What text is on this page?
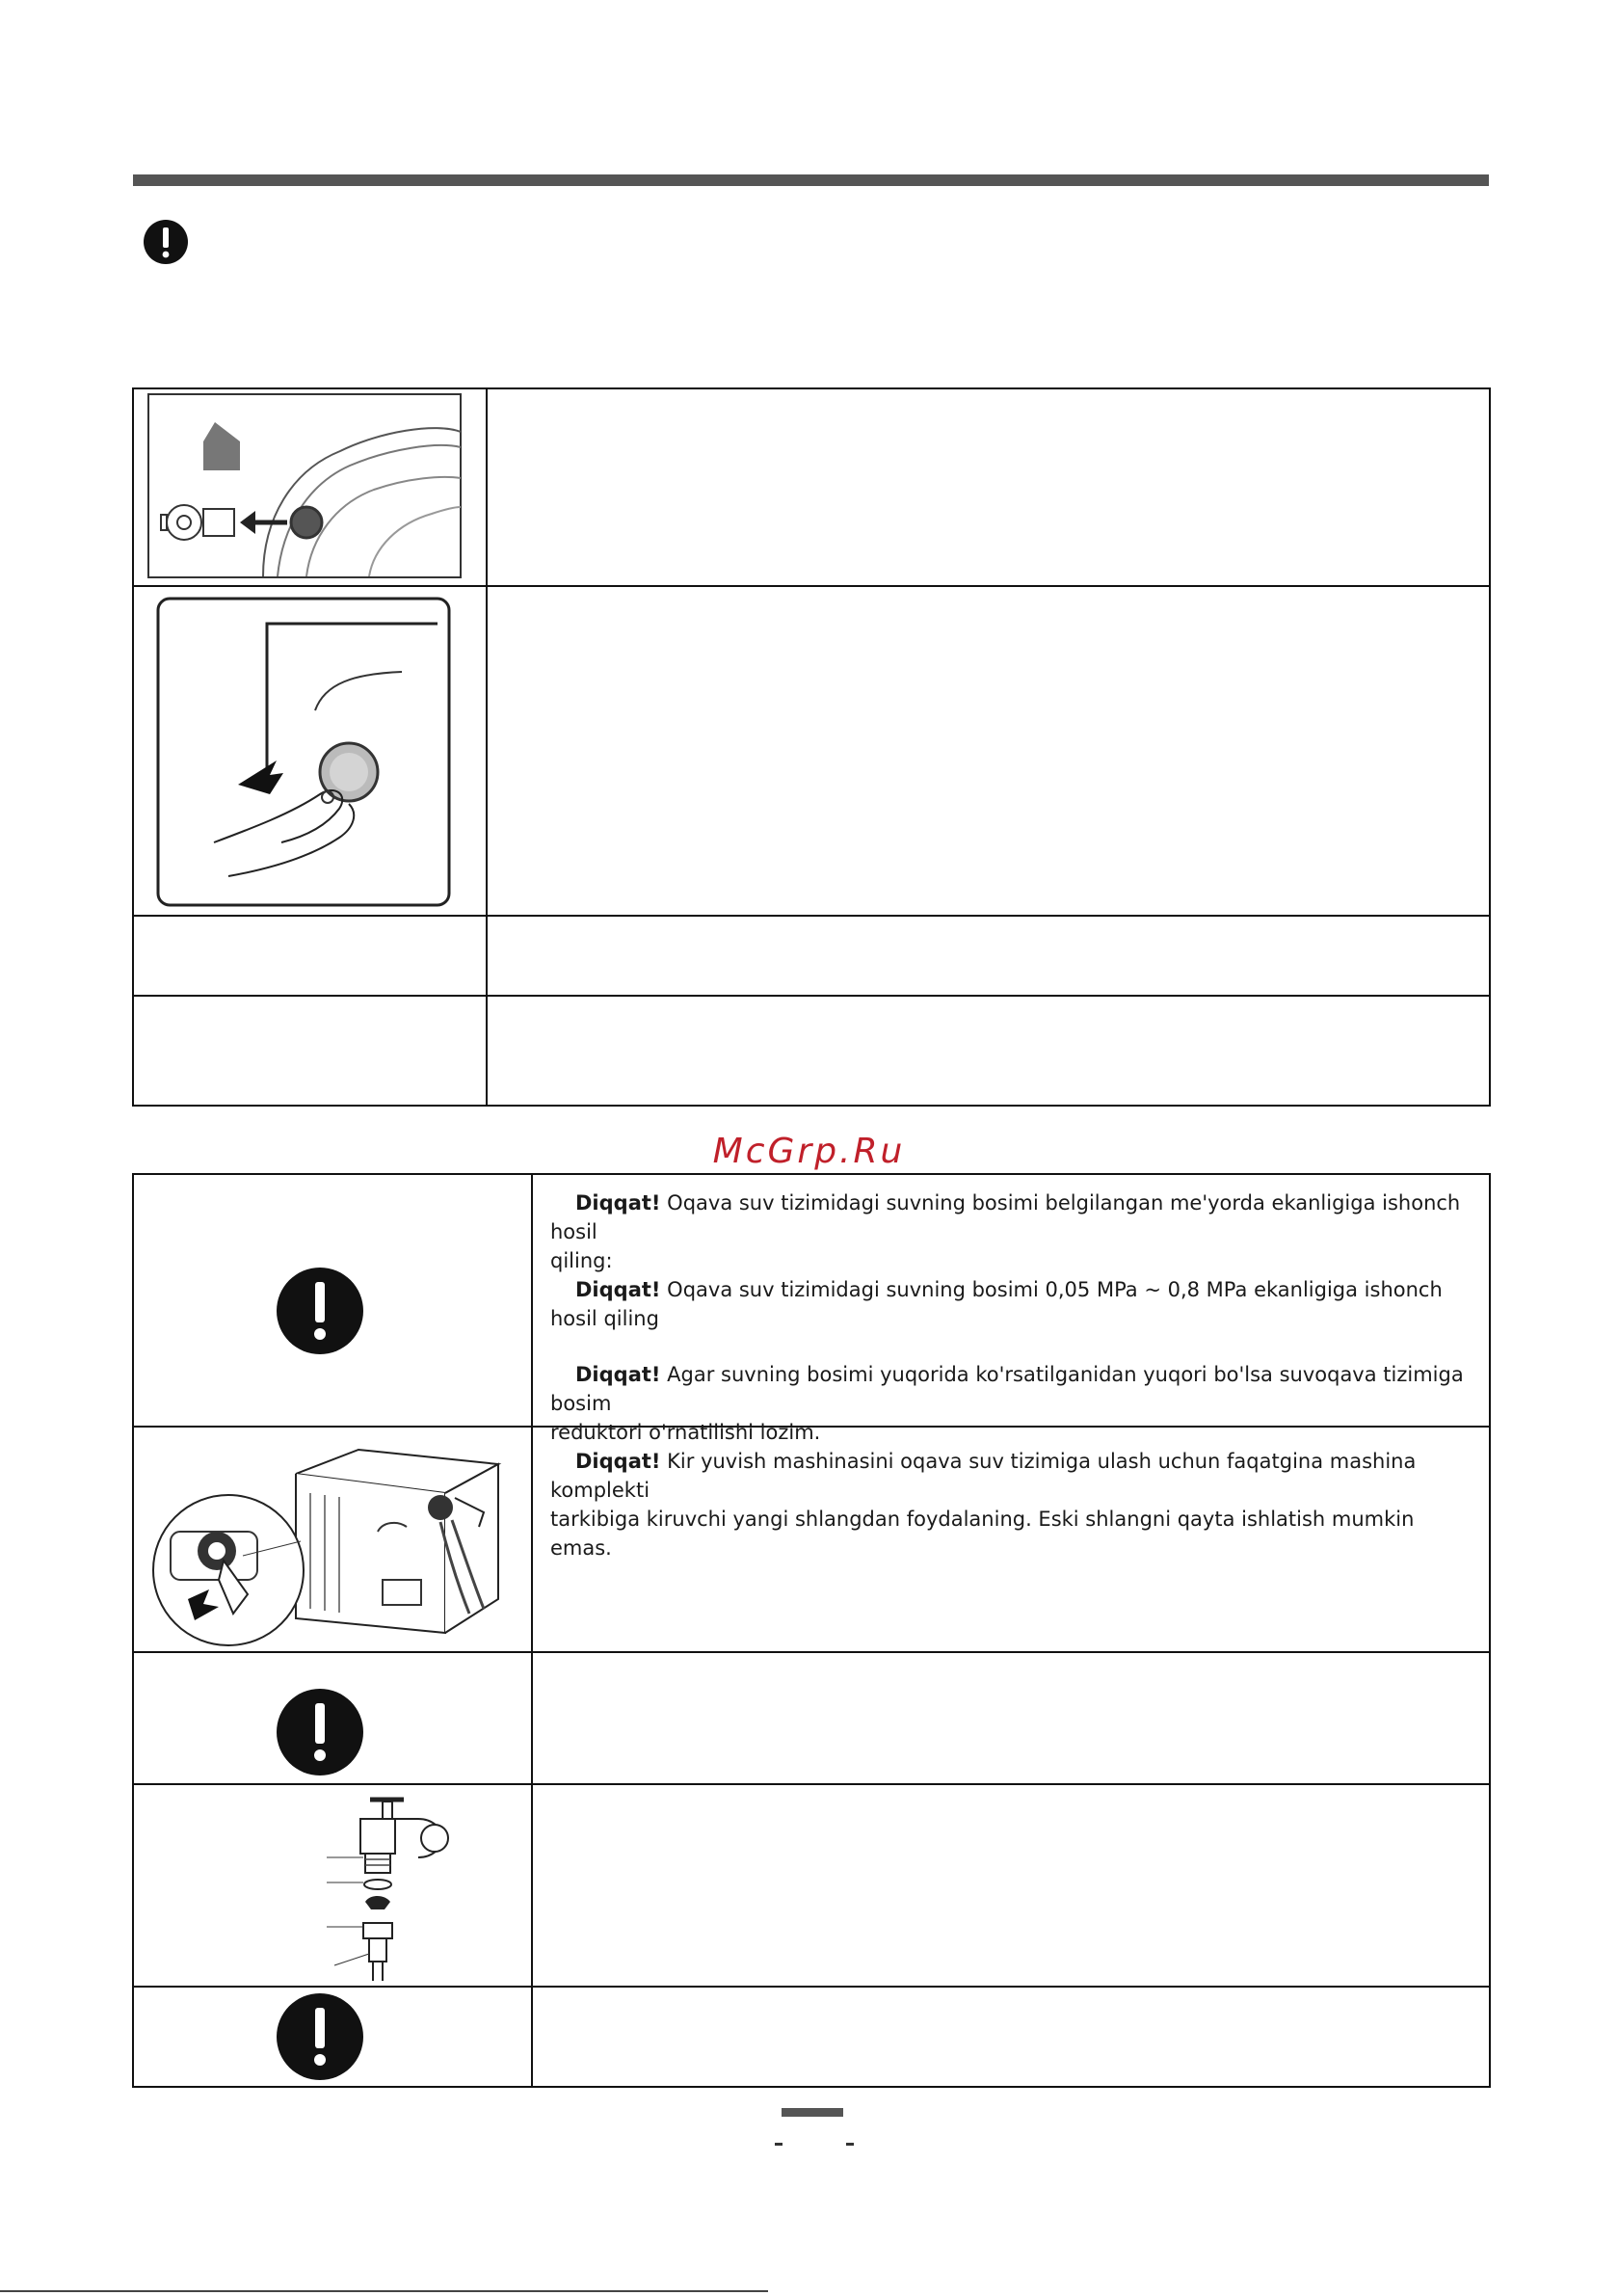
McGrp.Ru

Diqqat! Oqava suv tizimidagi suvning bosimi belgilangan me'yorda ekanligiga ishonch hosil

qiling:

Diqqat! Oqava suv tizimidagi suvning bosimi 0,05 MPa ~ 0,8 MPa ekanligiga ishonch hosil qiling

Diqqat! Agar suvning bosimi yuqorida ko'rsatilganidan yuqori bo'lsa suvoqava tizimiga bosim

reduktori o'rnatilishi lozim.

Diqqat! Kir yuvish mashinasini oqava suv tizimiga ulash uchun faqatgina mashina komplekti

tarkibiga kiruvchi yangi shlangdan foydalaning. Eski shlangni qayta ishlatish mumkin emas.
